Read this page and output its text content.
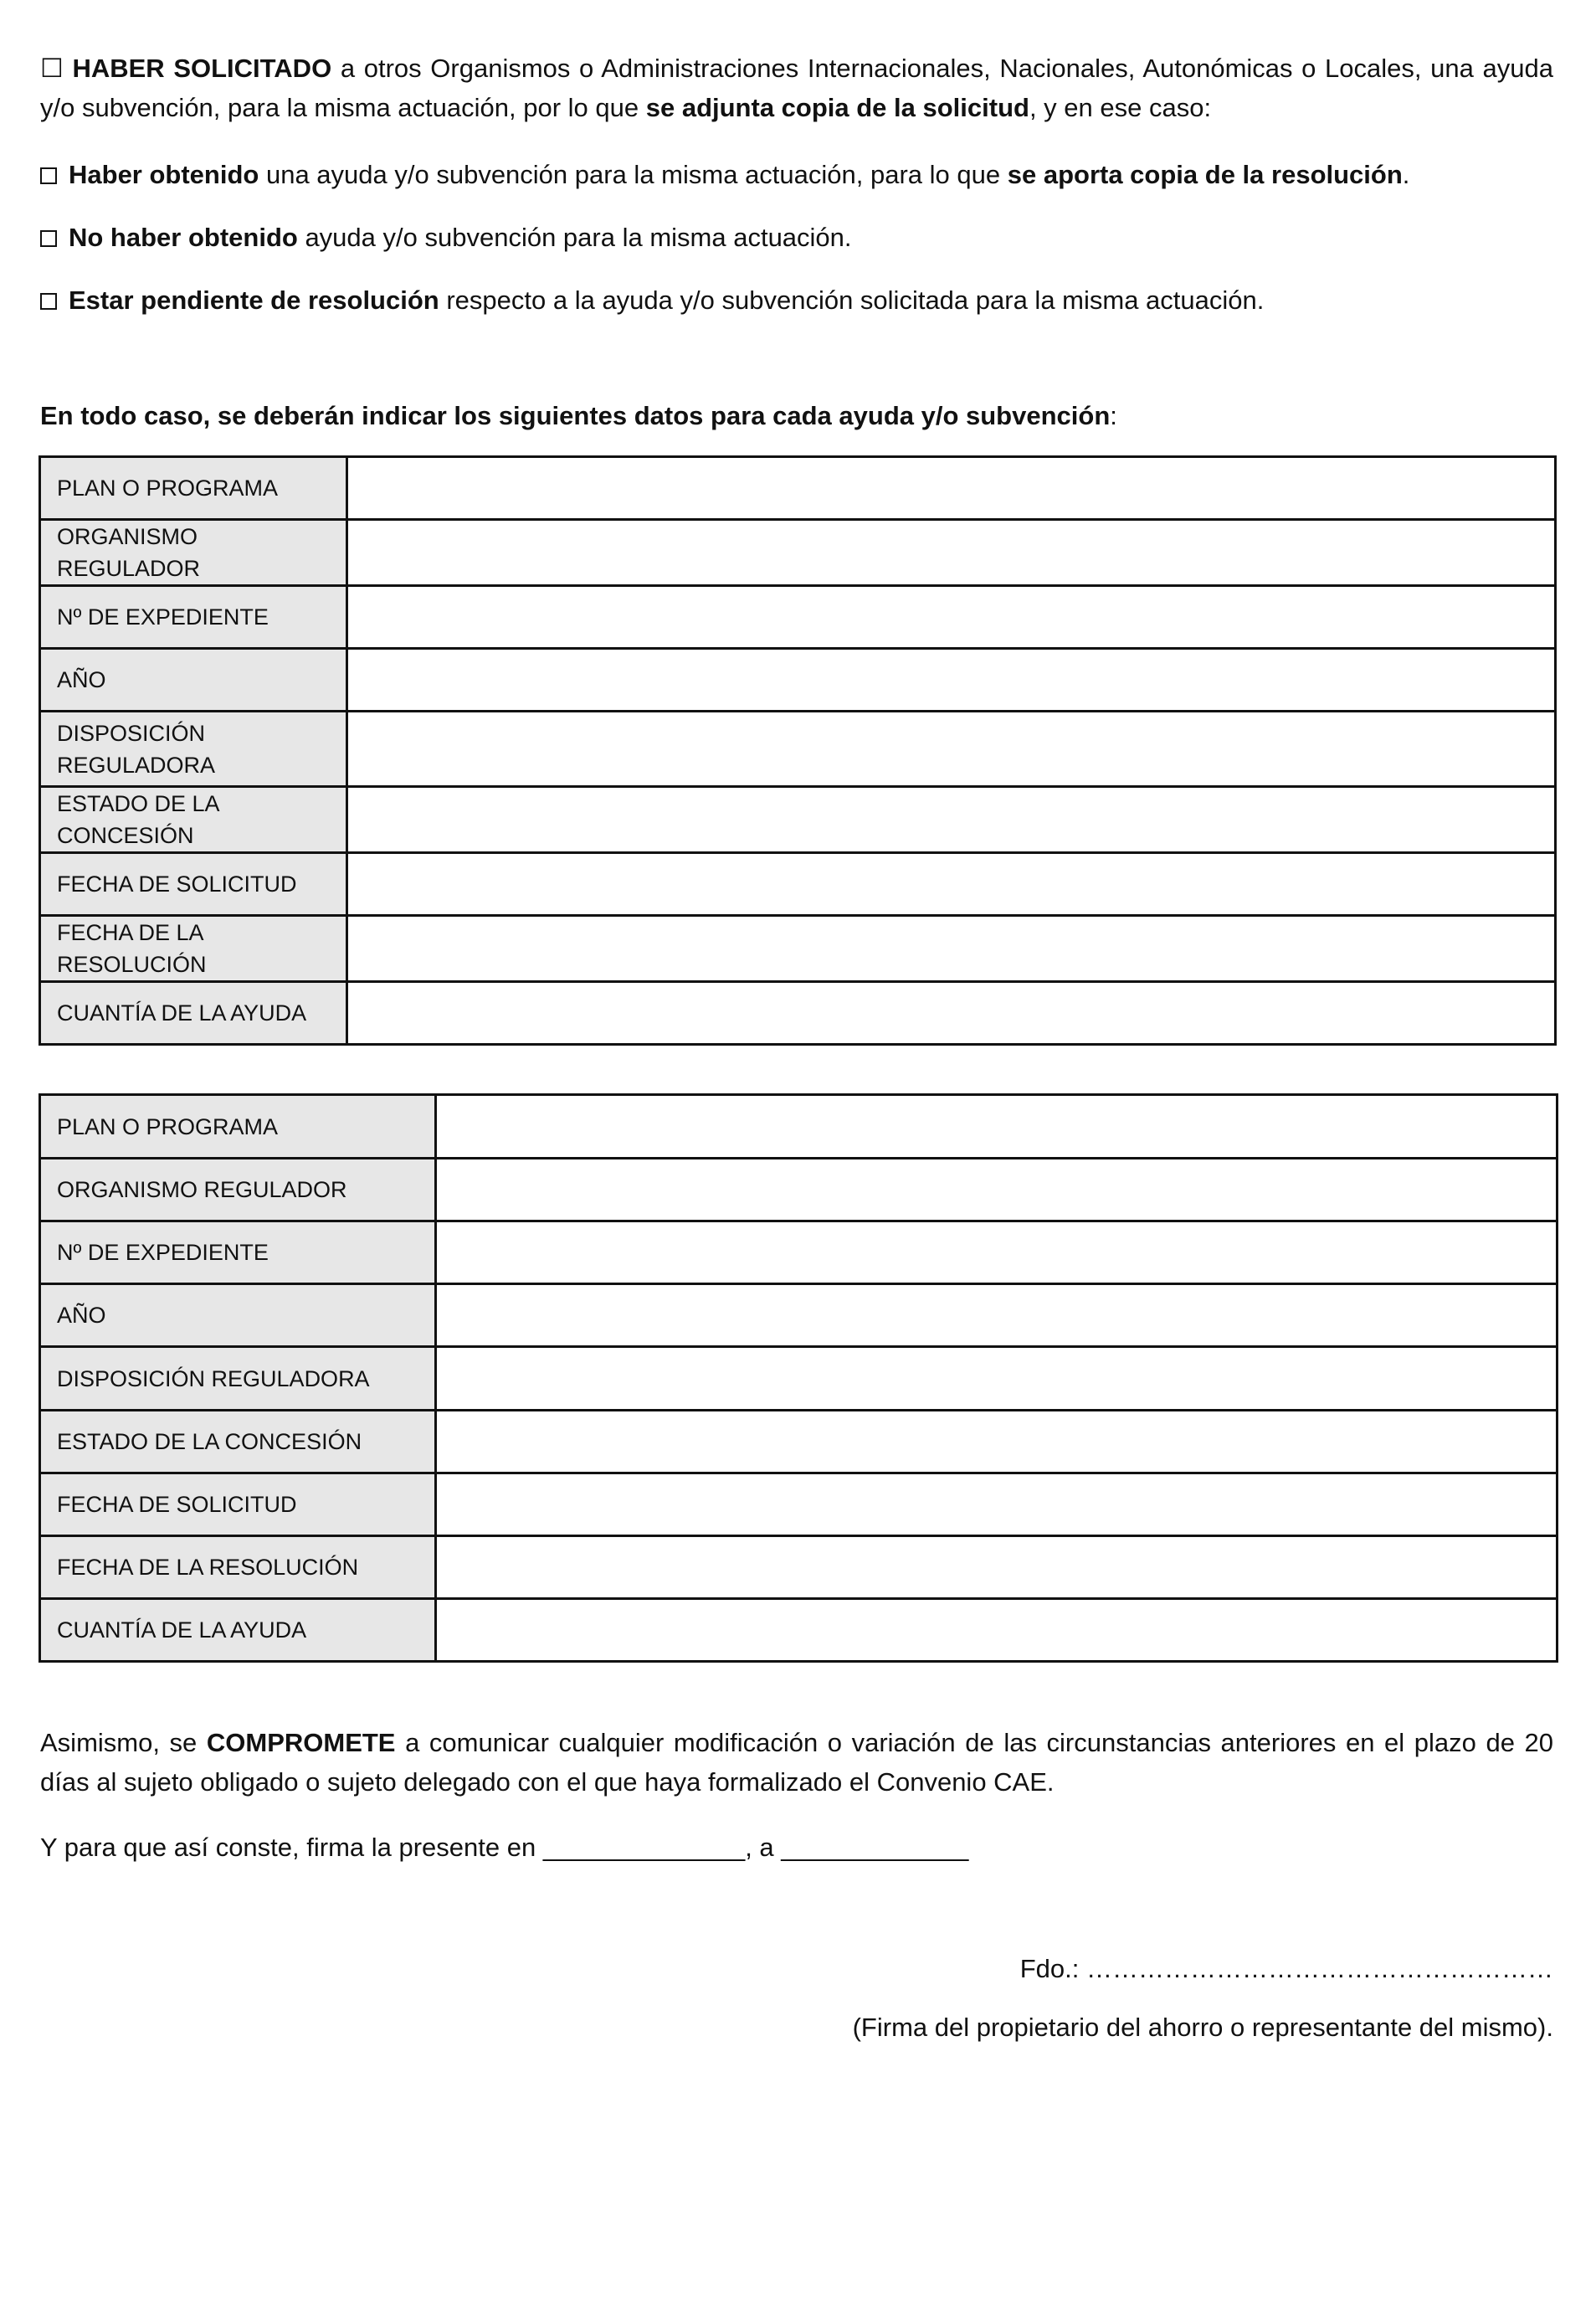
☐ HABER SOLICITADO a otros Organismos o Administraciones Internacionales, Nacionales, Autonómicas o Locales, una ayuda y/o subvención, para la misma actuación, por lo que se adjunta copia de la solicitud, y en ese caso:
Haber obtenido una ayuda y/o subvención para la misma actuación, para lo que se aporta copia de la resolución.
No haber obtenido ayuda y/o subvención para la misma actuación.
Estar pendiente de resolución respecto a la ayuda y/o subvención solicitada para la misma actuación.
En todo caso, se deberán indicar los siguientes datos para cada ayuda y/o subvención:
PLAN O PROGRAMA	
ORGANISMO REGULADOR	
Nº DE EXPEDIENTE	
AÑO	
DISPOSICIÓN REGULADORA	
ESTADO DE LA CONCESIÓN	
FECHA DE SOLICITUD	
FECHA DE LA RESOLUCIÓN	
CUANTÍA DE LA AYUDA	
PLAN O PROGRAMA	
ORGANISMO REGULADOR	
Nº DE EXPEDIENTE	
AÑO	
DISPOSICIÓN REGULADORA	
ESTADO DE LA CONCESIÓN	
FECHA DE SOLICITUD	
FECHA DE LA RESOLUCIÓN	
CUANTÍA DE LA AYUDA	
Asimismo, se COMPROMETE a comunicar cualquier modificación o variación de las circunstancias anteriores en el plazo de 20 días al sujeto obligado o sujeto delegado con el que haya formalizado el Convenio CAE.
Y para que así conste, firma la presente en ______________, a _____________
Fdo.: ………………………………………………
(Firma del propietario del ahorro o representante del mismo).
